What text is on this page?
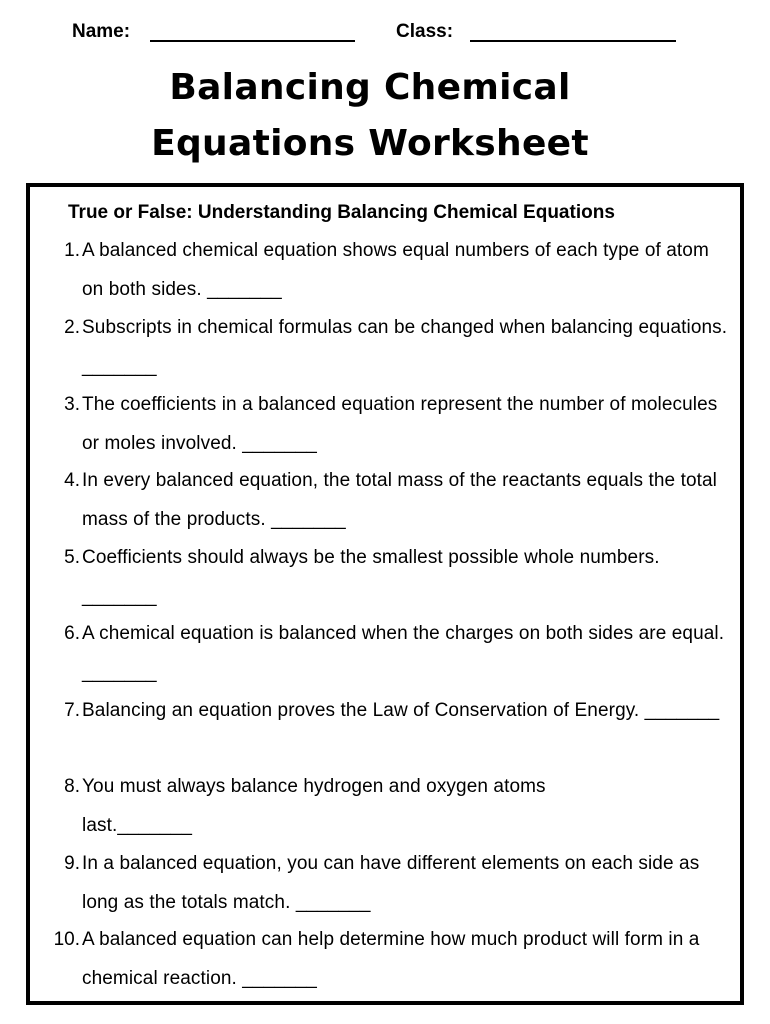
Name:	Class:
Balancing Chemical
Equations Worksheet
True or False: Understanding Balancing Chemical Equations
1. A balanced chemical equation shows equal numbers of each type of atom on both sides. _______
2. Subscripts in chemical formulas can be changed when balancing equations. _______
3. The coefficients in a balanced equation represent the number of molecules or moles involved. _______
4. In every balanced equation, the total mass of the reactants equals the total mass of the products. _______
5. Coefficients should always be the smallest possible whole numbers. _______
6. A chemical equation is balanced when the charges on both sides are equal. _______
7. Balancing an equation proves the Law of Conservation of Energy. _______
8. You must always balance hydrogen and oxygen atoms last._______
9. In a balanced equation, you can have different elements on each side as long as the totals match. _______
10. A balanced equation can help determine how much product will form in a chemical reaction. _______
